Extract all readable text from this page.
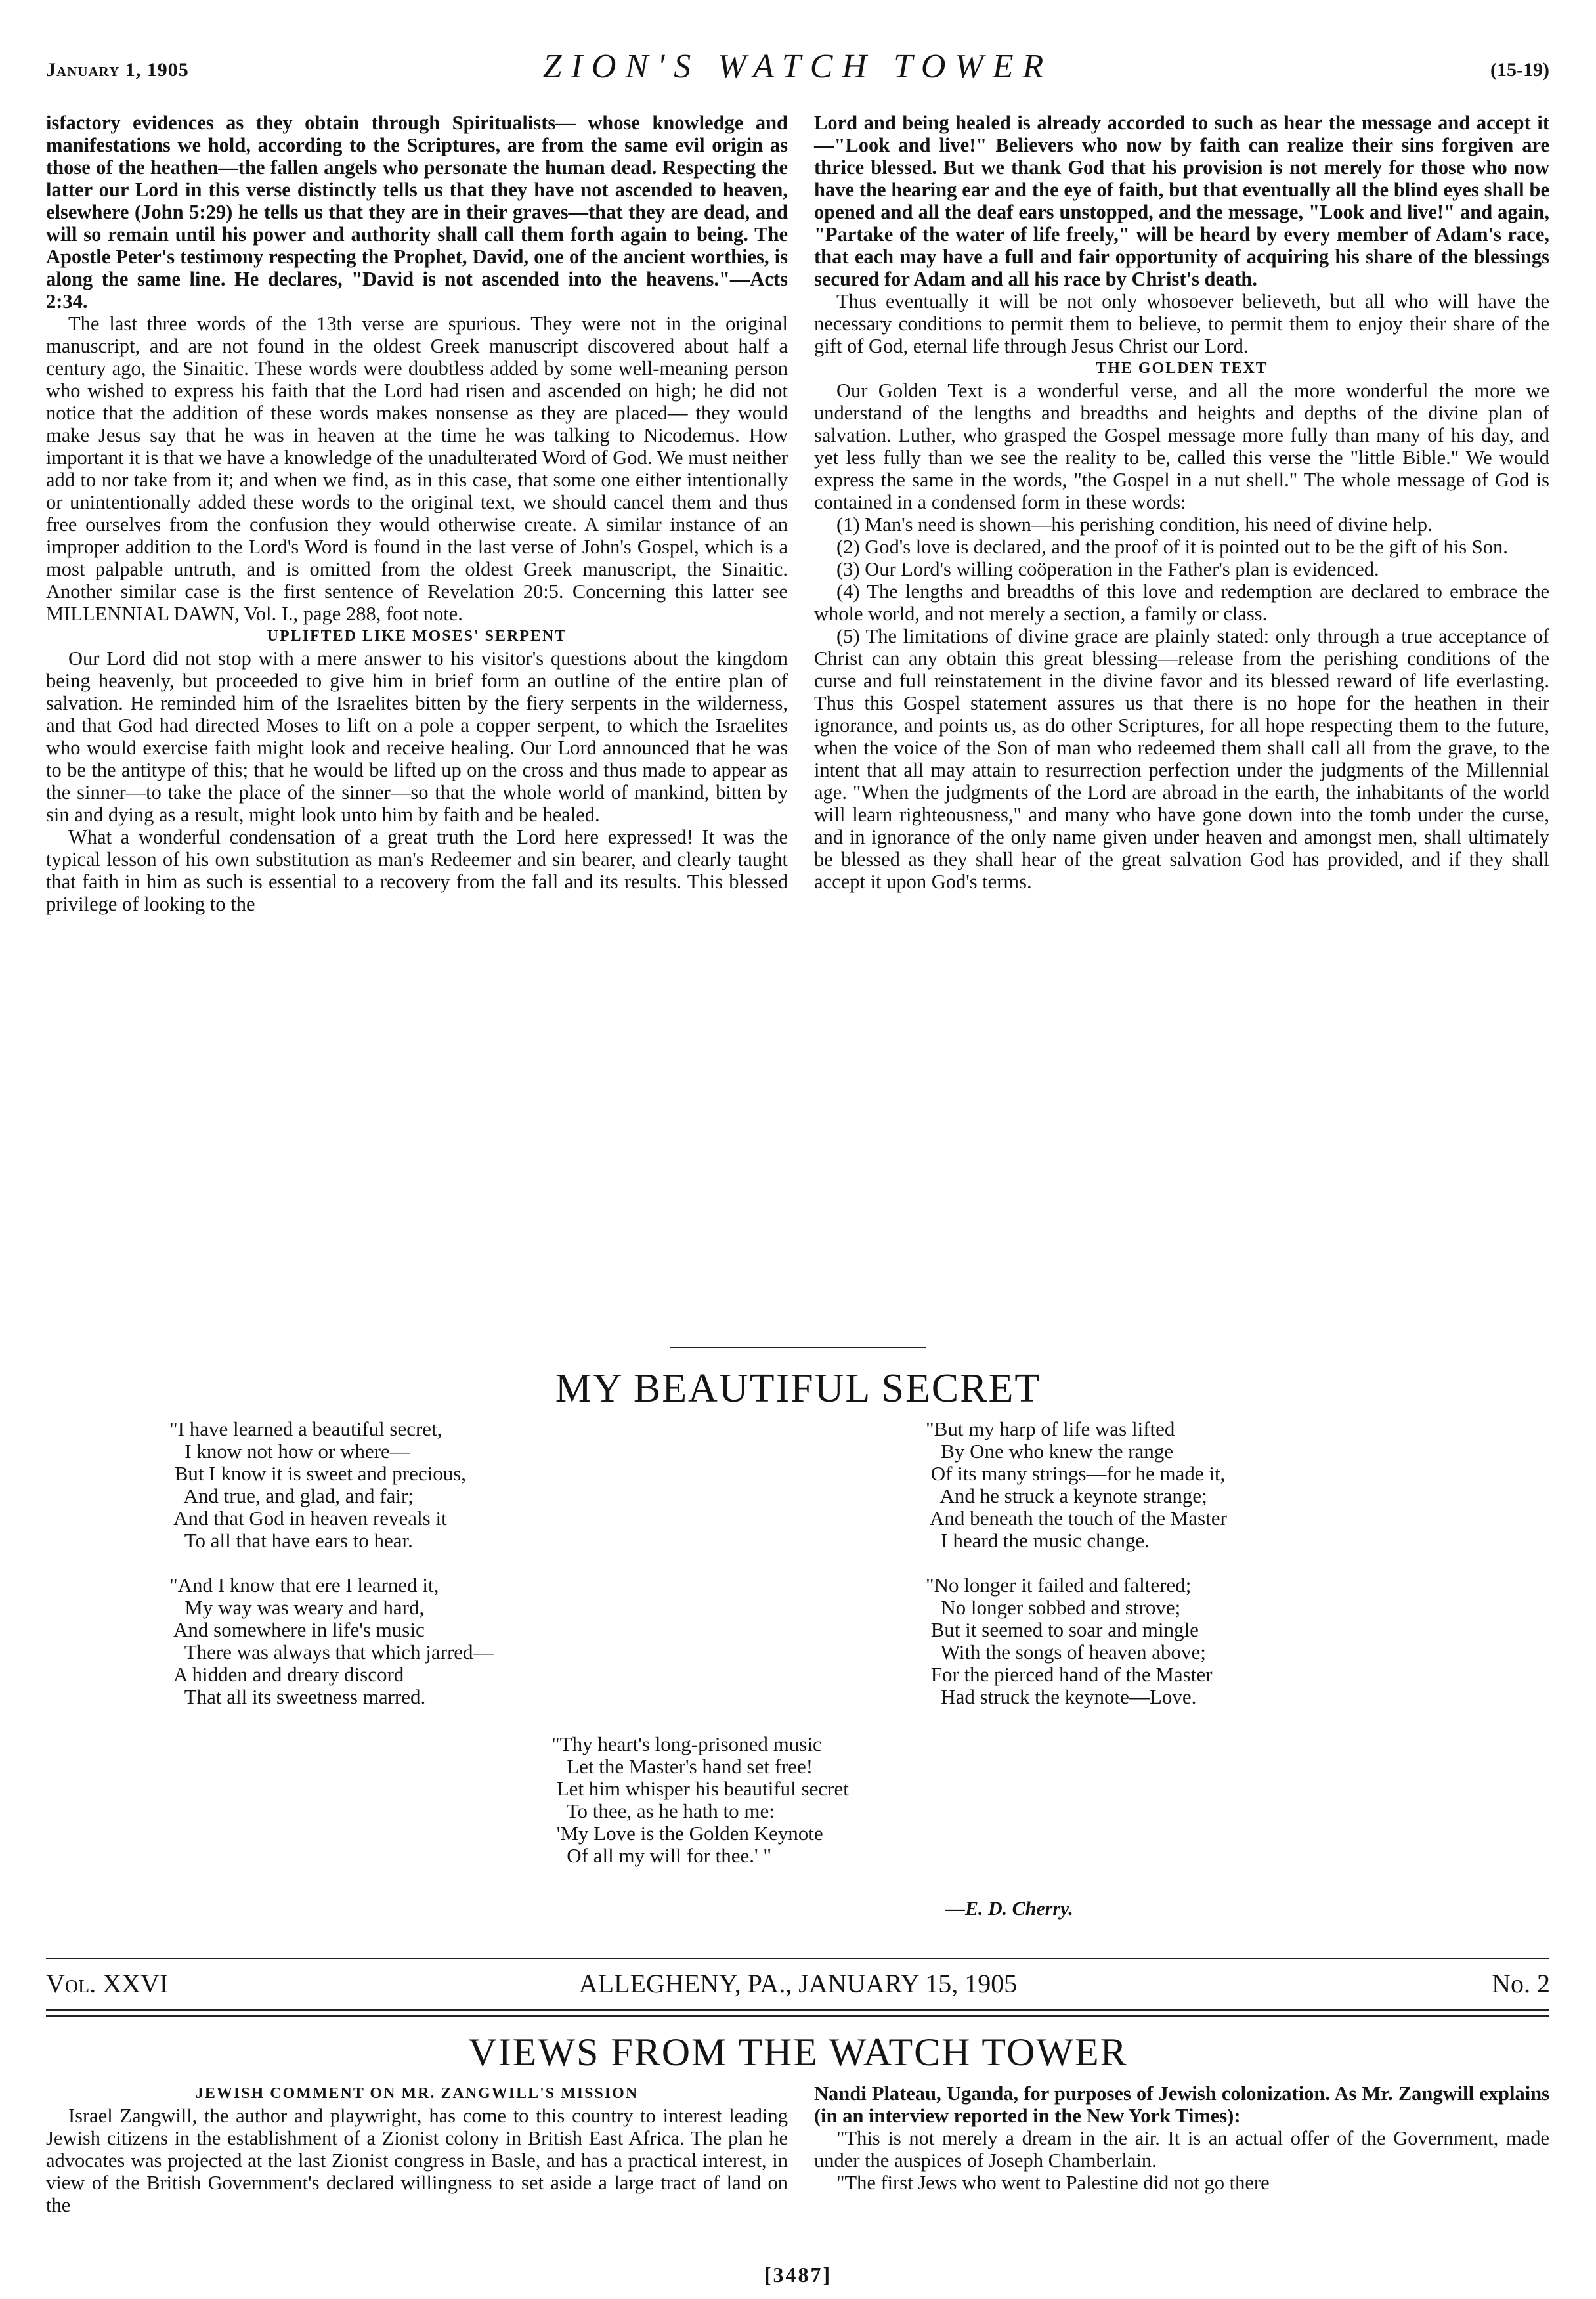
January 1, 1905	ZION'S WATCH TOWER	(15-19)

isfactory evidences as they obtain through Spiritualists— whose knowledge and manifestations we hold, according to the Scriptures, are from the same evil origin as those of the heathen—the fallen angels who personate the human dead. Respecting the latter our Lord in this verse distinctly tells us that they have not ascended to heaven, elsewhere (John 5:29) he tells us that they are in their graves—that they are dead, and will so remain until his power and authority shall call them forth again to being. The Apostle Peter's testimony respecting the Prophet, David, one of the ancient worthies, is along the same line. He declares, "David is not ascended into the heavens."—Acts 2:34.

The last three words of the 13th verse are spurious. They were not in the original manuscript, and are not found in the oldest Greek manuscript discovered about half a century ago, the Sinaitic. These words were doubtless added by some well-meaning person who wished to express his faith that the Lord had risen and ascended on high; he did not notice that the addition of these words makes nonsense as they are placed— they would make Jesus say that he was in heaven at the time he was talking to Nicodemus. How important it is that we have a knowledge of the unadulterated Word of God. We must neither add to nor take from it; and when we find, as in this case, that some one either intentionally or unintentionally added these words to the original text, we should cancel them and thus free ourselves from the confusion they would otherwise create. A similar instance of an improper addition to the Lord's Word is found in the last verse of John's Gospel, which is a most palpable untruth, and is omitted from the oldest Greek manuscript, the Sinaitic. Another similar case is the first sentence of Revelation 20:5. Concerning this latter see MILLENNIAL DAWN, Vol. I., page 288, foot note.

UPLIFTED LIKE MOSES' SERPENT

Our Lord did not stop with a mere answer to his visitor's questions about the kingdom being heavenly, but proceeded to give him in brief form an outline of the entire plan of salvation. He reminded him of the Israelites bitten by the fiery serpents in the wilderness, and that God had directed Moses to lift on a pole a copper serpent, to which the Israelites who would exercise faith might look and receive healing. Our Lord announced that he was to be the antitype of this; that he would be lifted up on the cross and thus made to appear as the sinner—to take the place of the sinner—so that the whole world of mankind, bitten by sin and dying as a result, might look unto him by faith and be healed.

What a wonderful condensation of a great truth the Lord here expressed! It was the typical lesson of his own substitution as man's Redeemer and sin bearer, and clearly taught that faith in him as such is essential to a recovery from the fall and its results. This blessed privilege of looking to the

Lord and being healed is already accorded to such as hear the message and accept it—"Look and live!" Believers who now by faith can realize their sins forgiven are thrice blessed. But we thank God that his provision is not merely for those who now have the hearing ear and the eye of faith, but that eventually all the blind eyes shall be opened and all the deaf ears unstopped, and the message, "Look and live!" and again, "Partake of the water of life freely," will be heard by every member of Adam's race, that each may have a full and fair opportunity of acquiring his share of the blessings secured for Adam and all his race by Christ's death.

Thus eventually it will be not only whosoever believeth, but all who will have the necessary conditions to permit them to believe, to permit them to enjoy their share of the gift of God, eternal life through Jesus Christ our Lord.

THE GOLDEN TEXT

Our Golden Text is a wonderful verse, and all the more wonderful the more we understand of the lengths and breadths and heights and depths of the divine plan of salvation. Luther, who grasped the Gospel message more fully than many of his day, and yet less fully than we see the reality to be, called this verse the "little Bible." We would express the same in the words, "the Gospel in a nut shell." The whole message of God is contained in a condensed form in these words:

(1) Man's need is shown—his perishing condition, his need of divine help.

(2) God's love is declared, and the proof of it is pointed out to be the gift of his Son.

(3) Our Lord's willing coöperation in the Father's plan is evidenced.

(4) The lengths and breadths of this love and redemption are declared to embrace the whole world, and not merely a section, a family or class.

(5) The limitations of divine grace are plainly stated: only through a true acceptance of Christ can any obtain this great blessing—release from the perishing conditions of the curse and full reinstatement in the divine favor and its blessed reward of life everlasting. Thus this Gospel statement assures us that there is no hope for the heathen in their ignorance, and points us, as do other Scriptures, for all hope respecting them to the future, when the voice of the Son of man who redeemed them shall call all from the grave, to the intent that all may attain to resurrection perfection under the judgments of the Millennial age. "When the judgments of the Lord are abroad in the earth, the inhabitants of the world will learn righteousness," and many who have gone down into the tomb under the curse, and in ignorance of the only name given under heaven and amongst men, shall ultimately be blessed as they shall hear of the great salvation God has provided, and if they shall accept it upon God's terms.

MY BEAUTIFUL SECRET
"I have learned a beautiful secret,
I know not how or where—
But I know it is sweet and precious,
And true, and glad, and fair;
And that God in heaven reveals it
To all that have ears to hear.
"And I know that ere I learned it,
My way was weary and hard,
And somewhere in life's music
There was always that which jarred—
A hidden and dreary discord
That all its sweetness marred.
"But my harp of life was lifted
By One who knew the range
Of its many strings—for he made it,
And he struck a keynote strange;
And beneath the touch of the Master
I heard the music change.
"No longer it failed and faltered;
No longer sobbed and strove;
But it seemed to soar and mingle
With the songs of heaven above;
For the pierced hand of the Master
Had struck the keynote—Love.
"Thy heart's long-prisoned music
Let the Master's hand set free!
Let him whisper his beautiful secret
To thee, as he hath to me:
'My Love is the Golden Keynote
Of all my will for thee.' "
—E. D. Cherry.
Vol. XXVI	ALLEGHENY, PA., JANUARY 15, 1905	No. 2
VIEWS FROM THE WATCH TOWER
JEWISH COMMENT ON MR. ZANGWILL'S MISSION

Israel Zangwill, the author and playwright, has come to this country to interest leading Jewish citizens in the establishment of a Zionist colony in British East Africa. The plan he advocates was projected at the last Zionist congress in Basle, and has a practical interest, in view of the British Government's declared willingness to set aside a large tract of land on the

Nandi Plateau, Uganda, for purposes of Jewish colonization. As Mr. Zangwill explains (in an interview reported in the New York Times):

"This is not merely a dream in the air. It is an actual offer of the Government, made under the auspices of Joseph Chamberlain.

"The first Jews who went to Palestine did not go there

[3487]
